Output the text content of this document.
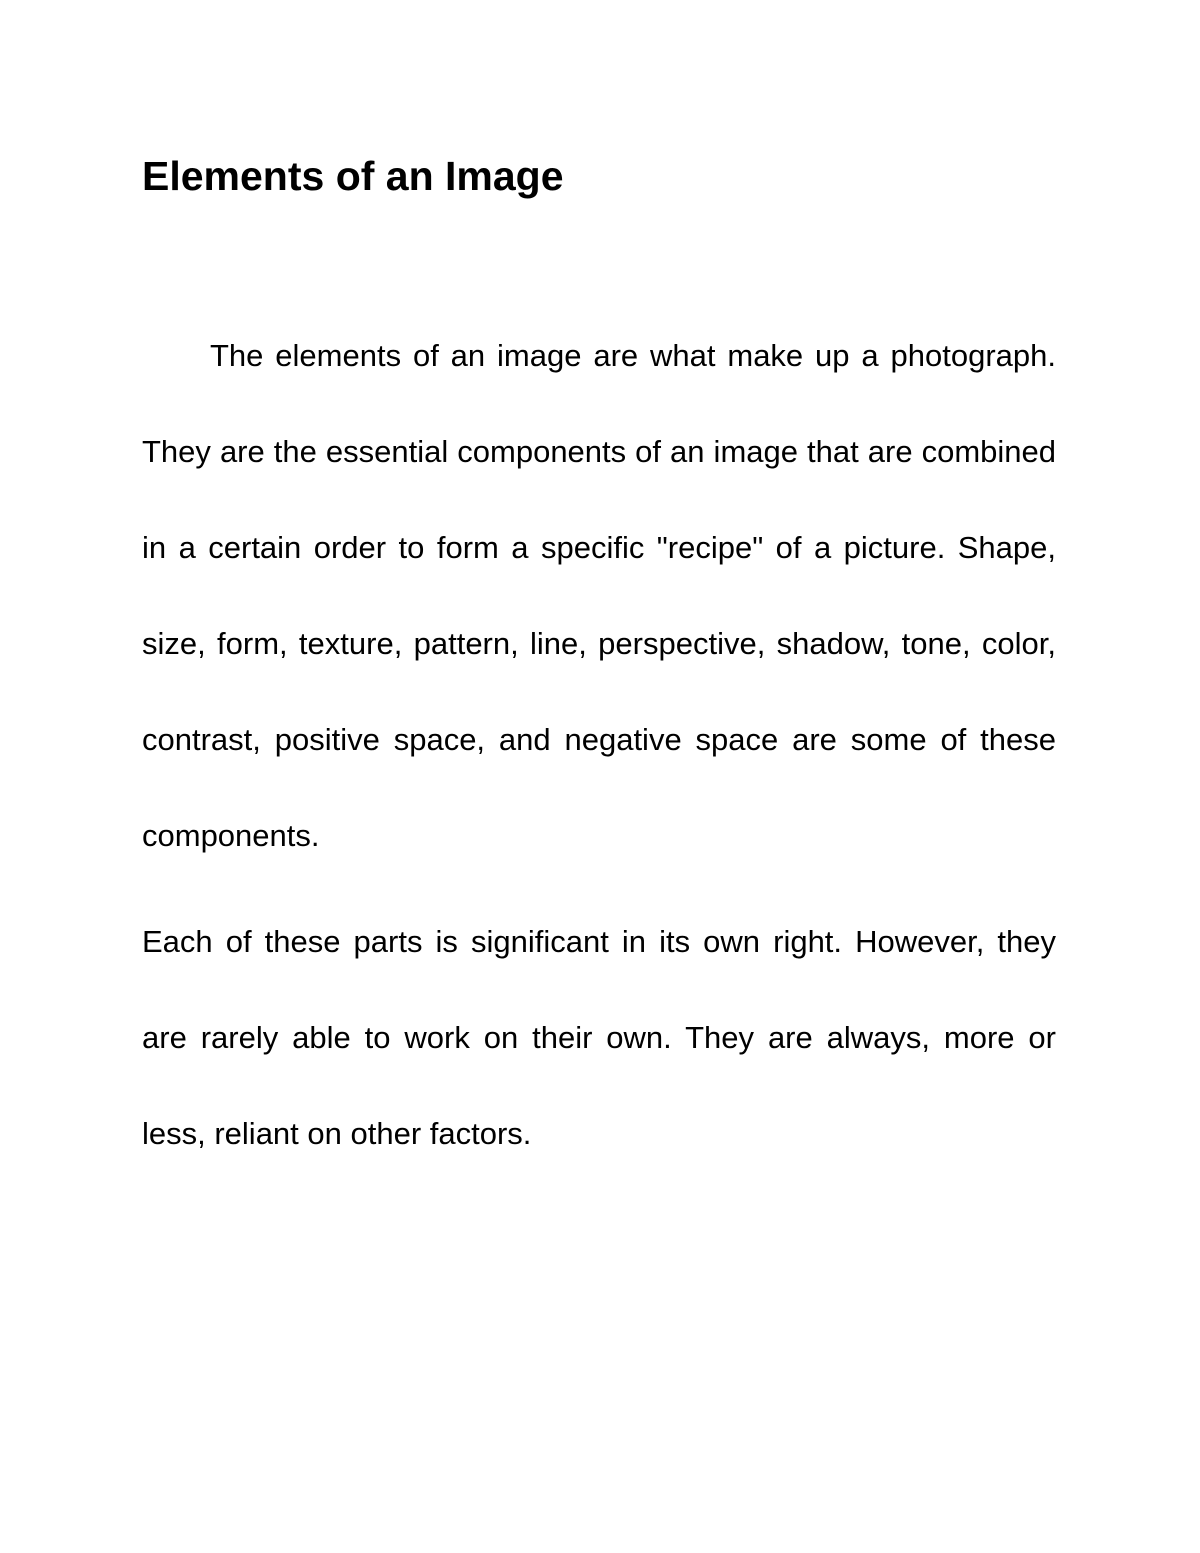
Elements of an Image

The elements of an image are what make up a photograph. They are the essential components of an image that are combined in a certain order to form a specific "recipe" of a picture. Shape, size, form, texture, pattern, line, perspective, shadow, tone, color, contrast, positive space, and negative space are some of these components.

Each of these parts is significant in its own right. However, they are rarely able to work on their own. They are always, more or less, reliant on other factors.
